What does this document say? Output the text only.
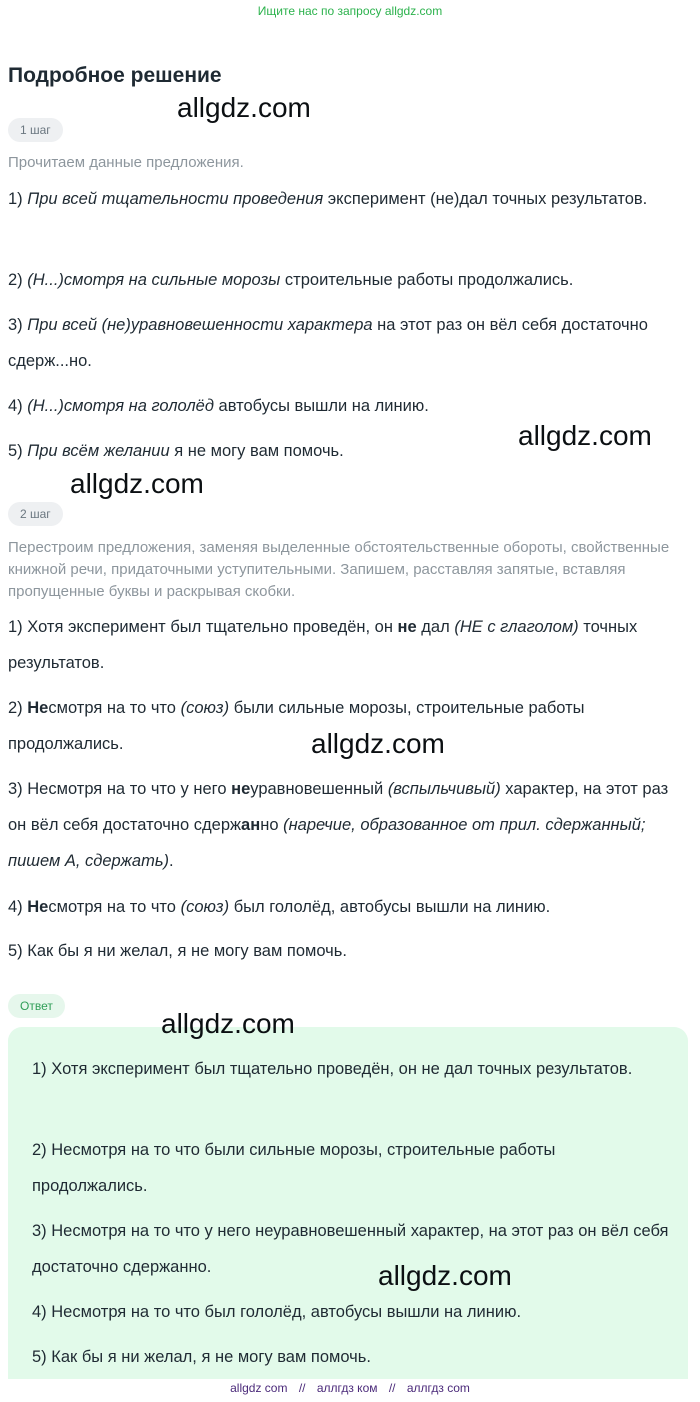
Ищите нас по запросу allgdz.com
Подробное решение
1 шаг

Прочитаем данные предложения.

1) При всей тщательности проведения эксперимент (не)дал точных результатов.

2) (Н...)смотря на сильные морозы строительные работы продолжались.

3) При всей (не)уравновешенности характера на этот раз он вёл себя достаточно сдерж...но.

4) (Н...)смотря на гололёд автобусы вышли на линию.

5) При всём желании я не могу вам помочь.

2 шаг

Перестроим предложения, заменяя выделенные обстоятельственные обороты, свойственные книжной речи, придаточными уступительными. Запишем, расставляя запятые, вставляя пропущенные буквы и раскрывая скобки.

1) Хотя эксперимент был тщательно проведён, он не дал (НЕ с глаголом) точных результатов.

2) Несмотря на то что (союз) были сильные морозы, строительные работы продолжались.

3) Несмотря на то что у него неуравновешенный (вспыльчивый) характер, на этот раз он вёл себя достаточно сдержанно (наречие, образованное от прил. сдержанный; пишем А, сдержать).

4) Несмотря на то что (союз) был гололёд, автобусы вышли на линию.

5) Как бы я ни желал, я не могу вам помочь.

Ответ

1) Хотя эксперимент был тщательно проведён, он не дал точных результатов.

2) Несмотря на то что были сильные морозы, строительные работы продолжались.

3) Несмотря на то что у него неуравновешенный характер, на этот раз он вёл себя достаточно сдержанно.

4) Несмотря на то что был гололёд, автобусы вышли на линию.

5) Как бы я ни желал, я не могу вам помочь.

allgdz.com
allgdz.com
allgdz.com
allgdz.com
allgdz.com
allgdz.com
allgdz com // аллгдз ком // аллгдз com
